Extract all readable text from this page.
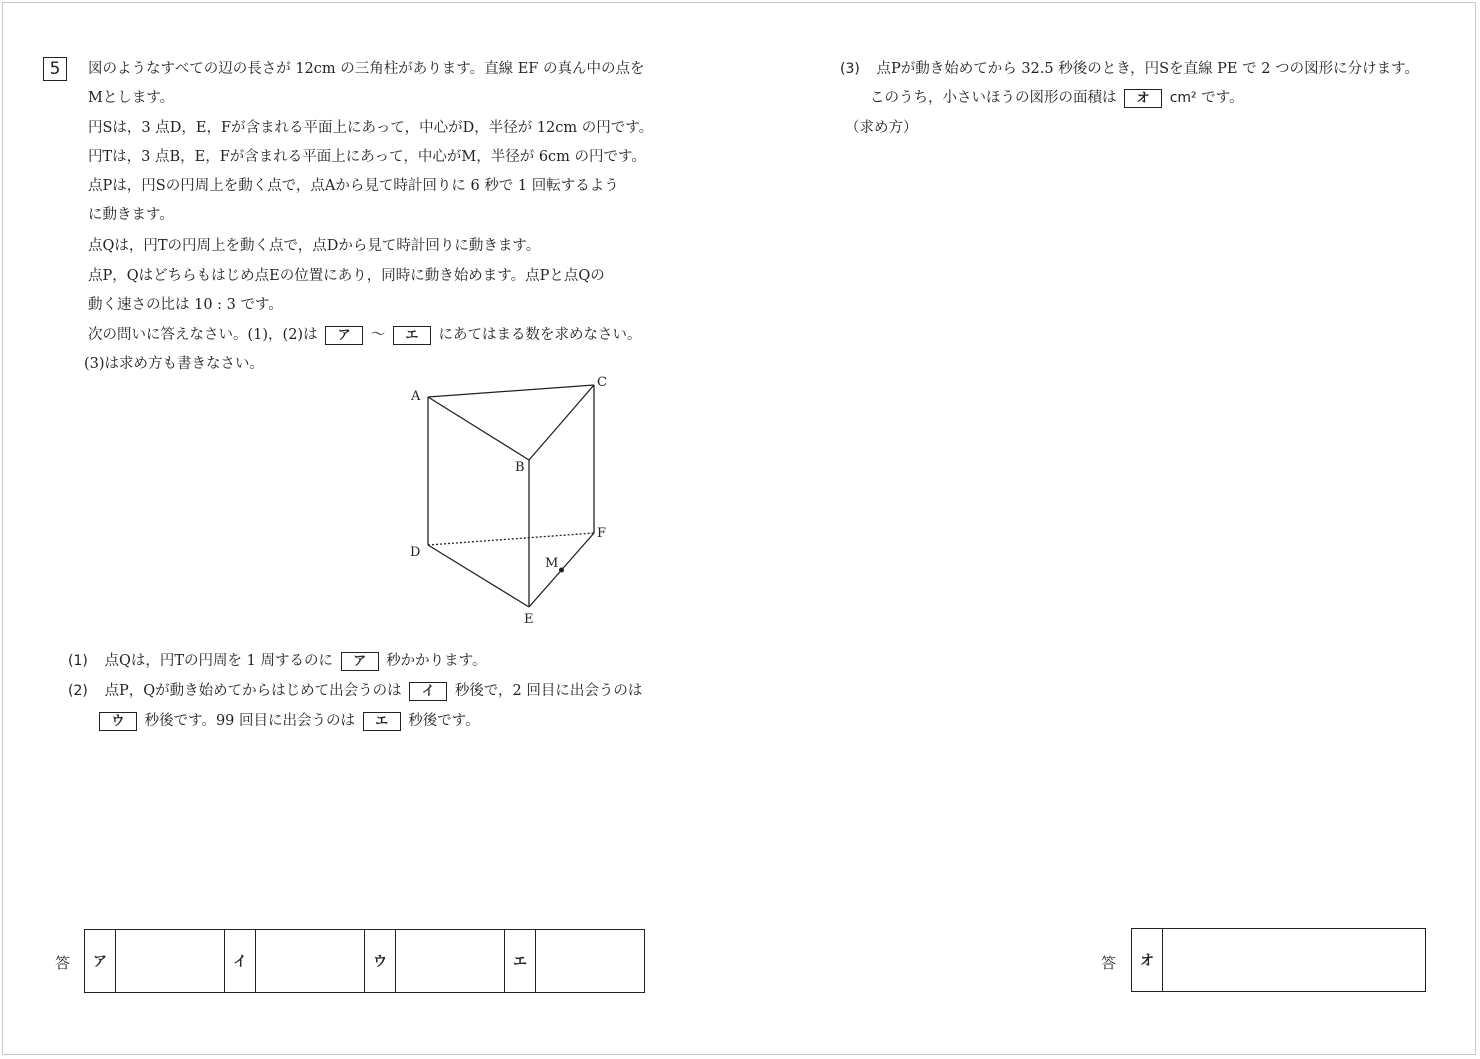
5	図のようなすべての辺の長さが 12cm の三角柱があります。直線 EF の真ん中の点を
Mとします。
円Sは，3 点D，E，Fが含まれる平面上にあって，中心がD，半径が 12cm の円です。
円Tは，3 点B，E，Fが含まれる平面上にあって，中心がM，半径が 6cm の円です。
点Pは，円Sの円周上を動く点で，点Aから見て時計回りに 6 秒で 1 回転するよう
に動きます。
点Qは，円Tの円周上を動く点で，点Dから見て時計回りに動きます。
点P，Qはどちらもはじめ点Eの位置にあり，同時に動き始めます。点Pと点Qの
動く速さの比は 10 : 3 です。
次の問いに答えなさい。(1)，(2)は ア ～ エ にあてはまる数を求めなさい。
(3)は求め方も書きなさい。
A
C
B
D
F
M
E
(1) 点Qは，円Tの円周を 1 周するのに ア 秒かかります。
(2) 点P，Qが動き始めてからはじめて出会うのは イ 秒後で，2 回目に出会うのは
ウ 秒後です。99 回目に出会うのは エ 秒後です。
答 ア		イ		ウ		エ	
(3) 点Pが動き始めてから 32.5 秒後のとき，円Sを直線 PE で 2 つの図形に分けます。
このうち，小さいほうの図形の面積は オ cm² です。
（求め方）
答 オ	
